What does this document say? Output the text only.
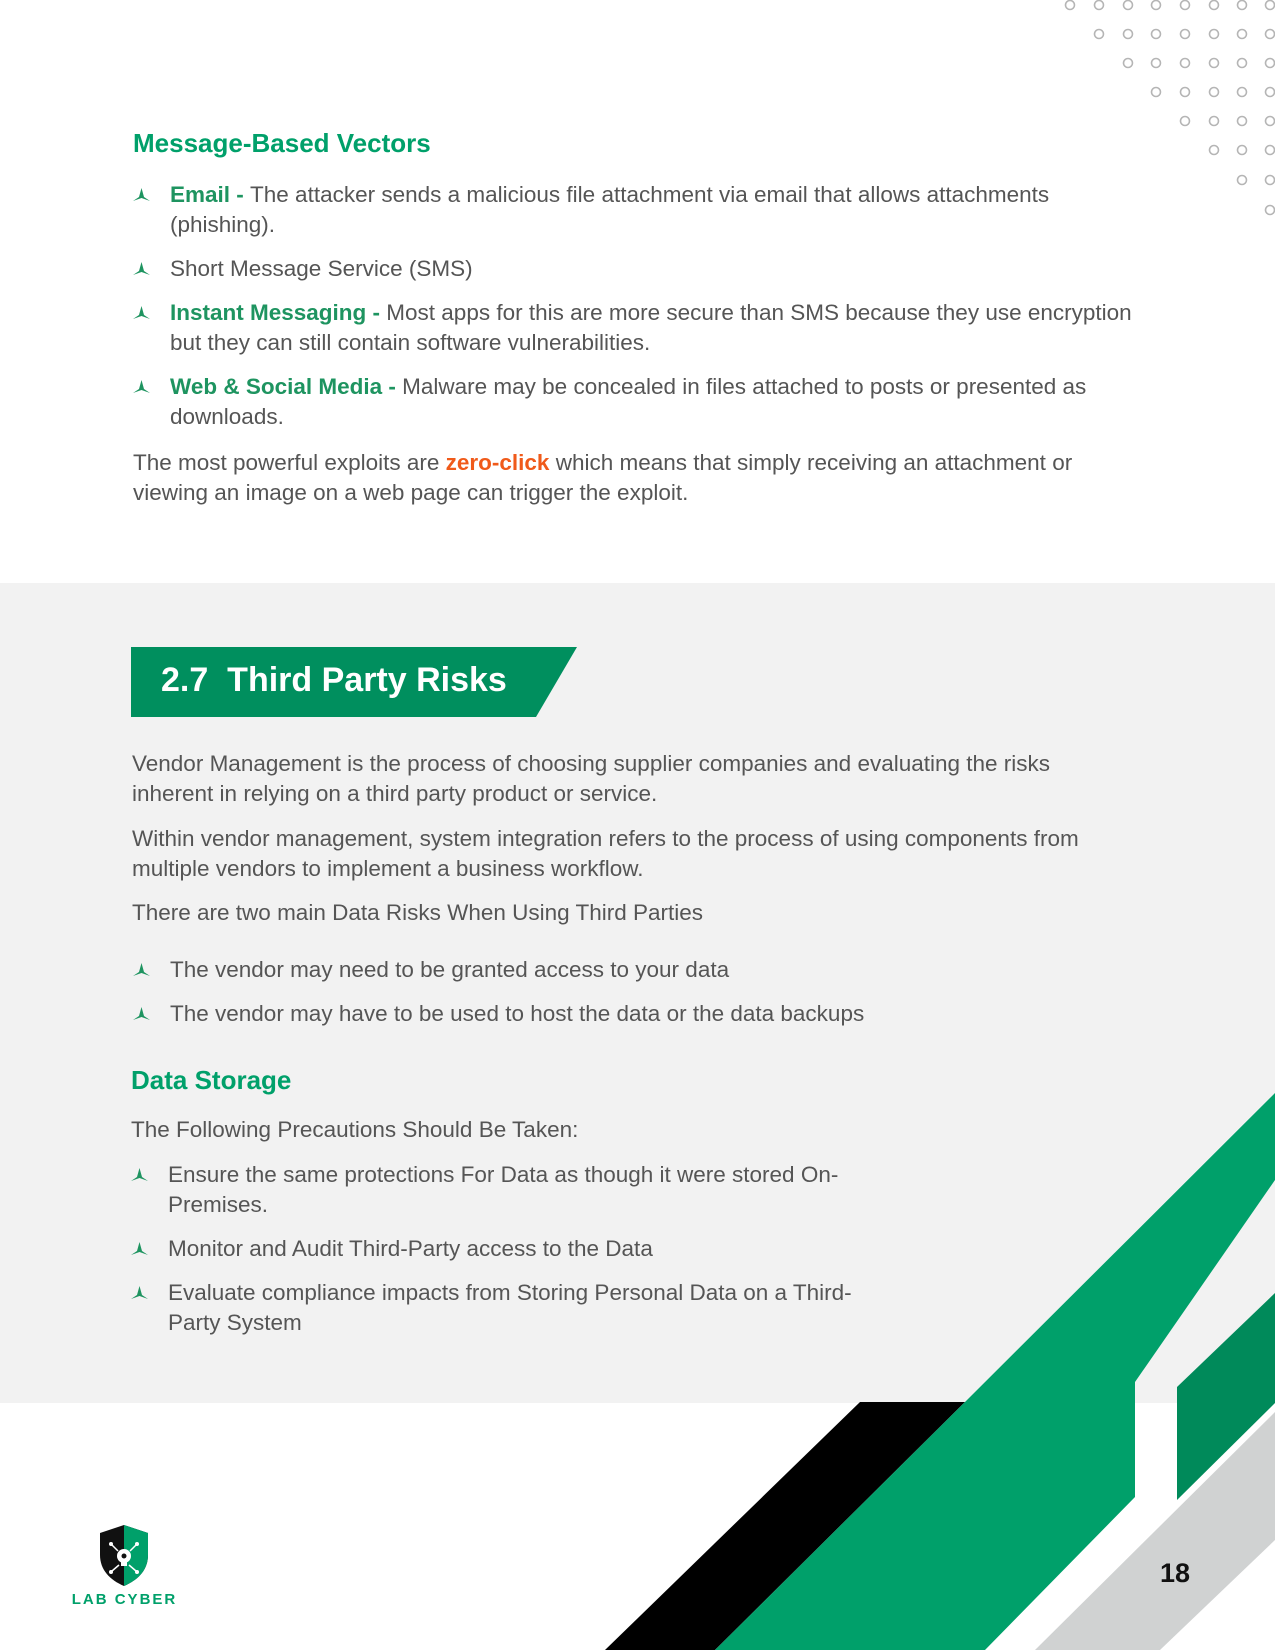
Message-Based Vectors
Email - The attacker sends a malicious file attachment via email that allows attachments (phishing).
Short Message Service (SMS)
Instant Messaging - Most apps for this are more secure than SMS because they use encryption but they can still contain software vulnerabilities.
Web & Social Media - Malware may be concealed in files attached to posts or presented as downloads.

The most powerful exploits are zero-click which means that simply receiving an attachment or viewing an image on a web page can trigger the exploit.

2.7 Third Party Risks

Vendor Management is the process of choosing supplier companies and evaluating the risks inherent in relying on a third party product or service.

Within vendor management, system integration refers to the process of using components from multiple vendors to implement a business workflow.

There are two main Data Risks When Using Third Parties

The vendor may need to be granted access to your data
The vendor may have to be used to host the data or the data backups
Data Storage

The Following Precautions Should Be Taken:

Ensure the same protections For Data as though it were stored On-Premises.
Monitor and Audit Third-Party access to the Data
Evaluate compliance impacts from Storing Personal Data on a Third-Party System
LAB CYBER
18
